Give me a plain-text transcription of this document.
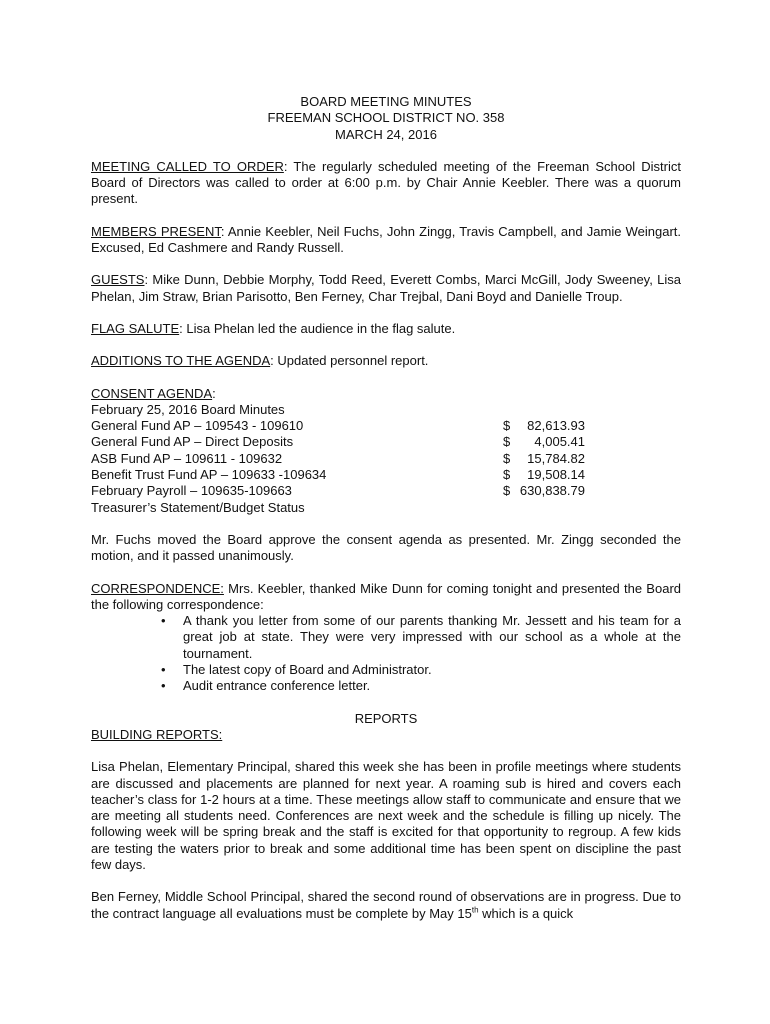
BOARD MEETING MINUTES
FREEMAN SCHOOL DISTRICT NO. 358
MARCH 24, 2016

MEETING CALLED TO ORDER: The regularly scheduled meeting of the Freeman School District Board of Directors was called to order at 6:00 p.m. by Chair Annie Keebler. There was a quorum present.

MEMBERS PRESENT: Annie Keebler, Neil Fuchs, John Zingg, Travis Campbell, and Jamie Weingart. Excused, Ed Cashmere and Randy Russell.

GUESTS: Mike Dunn, Debbie Morphy, Todd Reed, Everett Combs, Marci McGill, Jody Sweeney, Lisa Phelan, Jim Straw, Brian Parisotto, Ben Ferney, Char Trejbal, Dani Boyd and Danielle Troup.

FLAG SALUTE: Lisa Phelan led the audience in the flag salute.

ADDITIONS TO THE AGENDA: Updated personnel report.

CONSENT AGENDA:
February 25, 2016 Board Minutes
General Fund AP – 109543 - 109610	$	82,613.93
General Fund AP – Direct Deposits	$	4,005.41
ASB Fund AP – 109611 - 109632	$	15,784.82
Benefit Trust Fund AP – 109633 -109634	$	19,508.14
February Payroll – 109635-109663	$ 630,838.79
Treasurer’s Statement/Budget Status

Mr. Fuchs moved the Board approve the consent agenda as presented. Mr. Zingg seconded the motion, and it passed unanimously.

CORRESPONDENCE: Mrs. Keebler, thanked Mike Dunn for coming tonight and presented the Board the following correspondence:
• A thank you letter from some of our parents thanking Mr. Jessett and his team for a great job at state. They were very impressed with our school as a whole at the tournament.
• The latest copy of Board and Administrator.
• Audit entrance conference letter.
REPORTS
BUILDING REPORTS:

Lisa Phelan, Elementary Principal, shared this week she has been in profile meetings where students are discussed and placements are planned for next year. A roaming sub is hired and covers each teacher’s class for 1-2 hours at a time. These meetings allow staff to communicate and ensure that we are meeting all students need. Conferences are next week and the schedule is filling up nicely. The following week will be spring break and the staff is excited for that opportunity to regroup. A few kids are testing the waters prior to break and some additional time has been spent on discipline the past few days.

Ben Ferney, Middle School Principal, shared the second round of observations are in progress. Due to the contract language all evaluations must be complete by May 15th which is a quick
